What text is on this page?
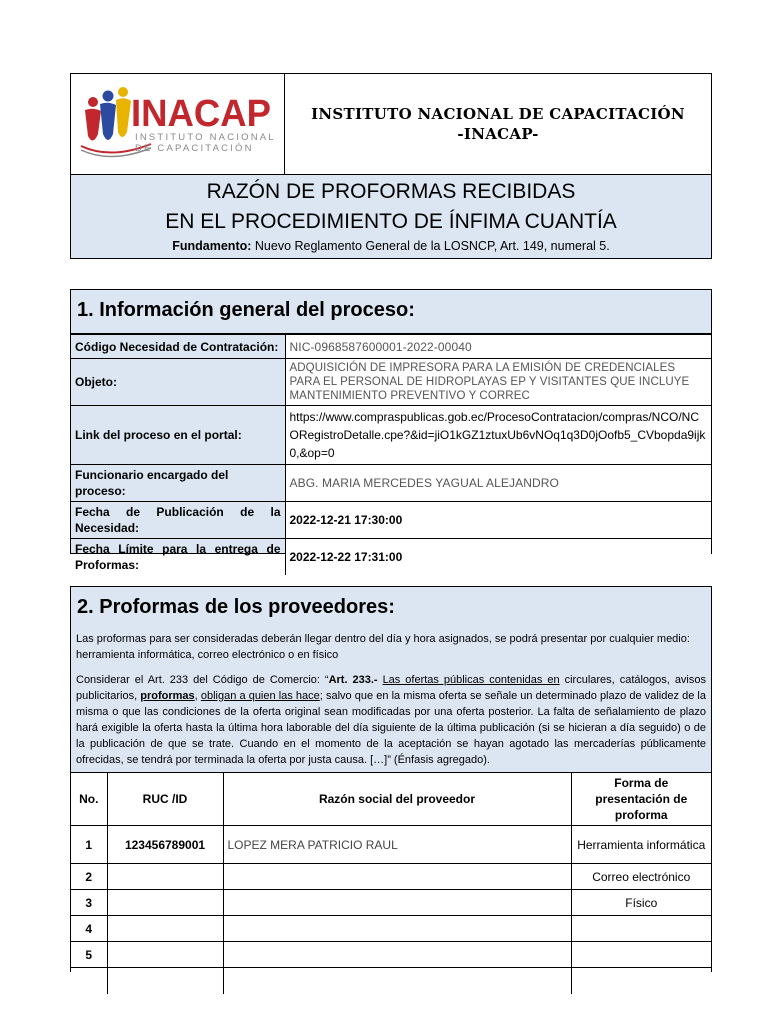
INACAP
INSTITUTO NACIONAL
DE CAPACITACIÓN
INSTITUTO NACIONAL DE CAPACITACIÓN
-INACAP-
RAZÓN DE PROFORMAS RECIBIDAS
EN EL PROCEDIMIENTO DE ÍNFIMA CUANTÍA
Fundamento: Nuevo Reglamento General de la LOSNCP, Art. 149, numeral 5.
1. Información general del proceso:
Código Necesidad de Contratación:	NIC-0968587600001-2022-00040
Objeto:	ADQUISICIÓN DE IMPRESORA PARA LA EMISIÓN DE CREDENCIALES PARA EL PERSONAL DE HIDROPLAYAS EP Y VISITANTES QUE INCLUYE MANTENIMIENTO PREVENTIVO Y CORREC
Link del proceso en el portal:	https://www.compraspublicas.gob.ec/ProcesoContratacion/compras/NCO/NCORegistroDetalle.cpe?&id=jiO1kGZ1ztuxUb6vNOq1q3D0jOofb5_CVbopda9ijk0,&op=0
Funcionario encargado del proceso:	ABG. MARIA MERCEDES YAGUAL ALEJANDRO
Fecha de Publicación de la Necesidad:	2022-12-21 17:30:00
Fecha Límite para la entrega de Proformas:	2022-12-22 17:31:00
2. Proformas de los proveedores:

Las proformas para ser consideradas deberán llegar dentro del día y hora asignados, se podrá presentar por cualquier medio: herramienta informática, correo electrónico o en físico

Considerar el Art. 233 del Código de Comercio: “Art. 233.- Las ofertas públicas contenidas en circulares, catálogos, avisos publicitarios, proformas, obligan a quien las hace; salvo que en la misma oferta se señale un determinado plazo de validez de la misma o que las condiciones de la oferta original sean modificadas por una oferta posterior. La falta de señalamiento de plazo hará exigible la oferta hasta la última hora laborable del día siguiente de la última publicación (si se hicieran a día seguido) o de la publicación de que se trate. Cuando en el momento de la aceptación se hayan agotado las mercaderías públicamente ofrecidas, se tendrá por terminada la oferta por justa causa. […]” (Énfasis agregado).

No.	RUC /ID	Razón social del proveedor	Forma de presentación de proforma
1	123456789001	LOPEZ MERA PATRICIO RAUL	Herramienta informática
2			Correo electrónico
3			Físico
4			
5			
